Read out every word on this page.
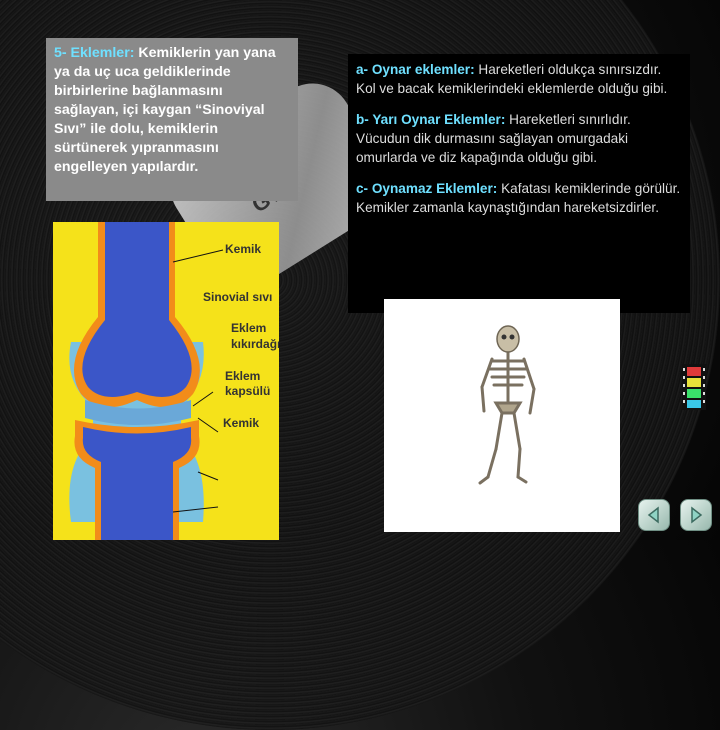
5- Eklemler: Kemiklerin yan yana ya da uç uca geldiklerinde birbirlerine bağlanmasını sağlayan, içi kaygan “Sinoviyal Sıvı” ile dolu, kemiklerin sürtünerek yıpranmasını engelleyen yapılardır.

Kemik
Sinovial sıvı
Eklem
kıkırdağı
Eklem
kapsülü
Kemik

a- Oynar eklemler: Hareketleri oldukça sınırsızdır. Kol ve bacak kemiklerindeki eklemlerde olduğu gibi.

b- Yarı Oynar Eklemler: Hareketleri sınırlıdır. Vücudun dik durmasını sağlayan omurgadaki omurlarda ve diz kapağında olduğu gibi.

c- Oynamaz Eklemler: Kafatası kemiklerinde görülür. Kemikler zamanla kaynaştığından hareketsizdirler.
